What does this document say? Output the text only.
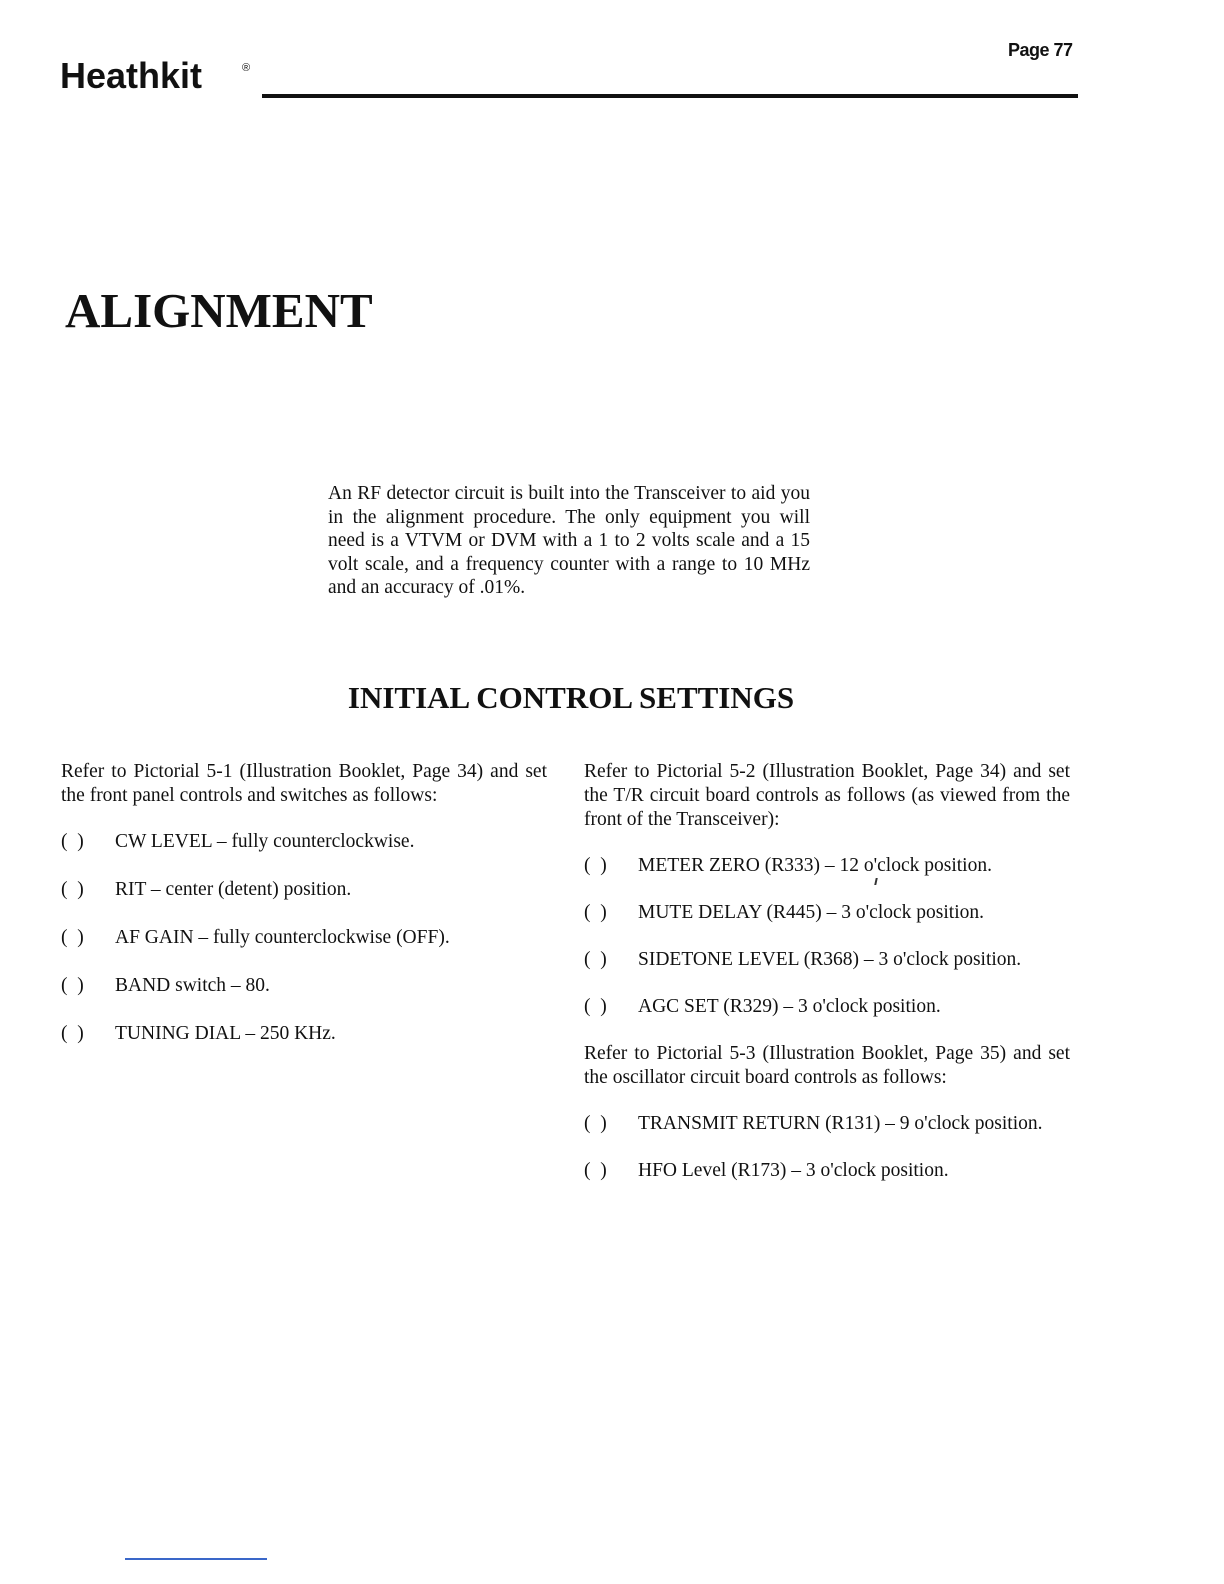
Page 77
Heathkit	®
ALIGNMENT

An RF detector circuit is built into the Transceiver to aid you in the alignment procedure. The only equipment you will need is a VTVM or DVM with a 1 to 2 volts scale and a 15 volt scale, and a frequency counter with a range to 10 MHz and an accuracy of .01%.

INITIAL CONTROL SETTINGS

Refer to Pictorial 5-1 (Illustration Booklet, Page 34) and set the front panel controls and switches as follows:

(  )	CW LEVEL – fully counterclockwise.
(  )	RIT – center (detent) position.
(  )	AF GAIN – fully counterclockwise (OFF).
(  )	BAND switch – 80.
(  )	TUNING DIAL – 250 KHz.

Refer to Pictorial 5-2 (Illustration Booklet, Page 34) and set the T/R circuit board controls as follows (as viewed from the front of the Transceiver):

(  )	METER ZERO (R333) – 12 o'clock position.
(  )	MUTE DELAY (R445) – 3 o'clock position.
(  )	SIDETONE LEVEL (R368) – 3 o'clock position.
(  )	AGC SET (R329) – 3 o'clock position.

Refer to Pictorial 5-3 (Illustration Booklet, Page 35) and set the oscillator circuit board controls as follows:

(  )	TRANSMIT RETURN (R131) – 9 o'clock position.
(  )	HFO Level (R173) – 3 o'clock position.
